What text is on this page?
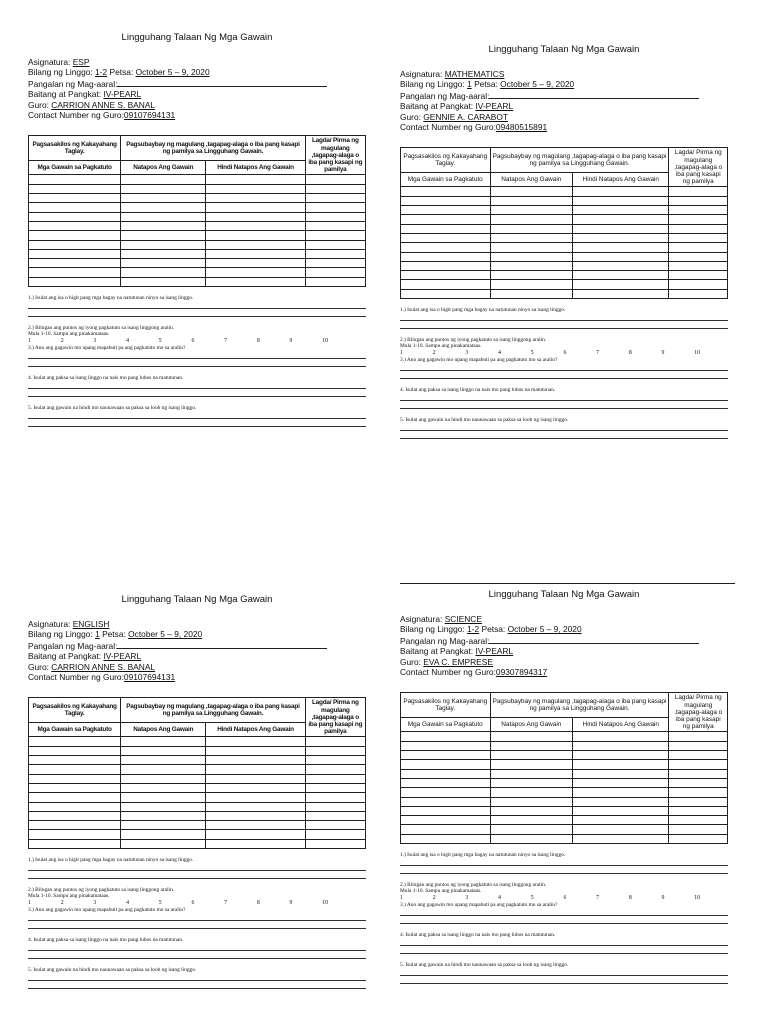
Lingguhang Talaan Ng Mga Gawain
Asignatura: ESP
Bilang ng Linggo: 1-2 Petsa: October 5 – 9, 2020
Pangalan ng Mag-aaral:
Baitang at Pangkat: IV-PEARL
Guro: CARRION ANNE S. BANAL
Contact Number ng Guro:09107694131
Pagsasakilos ng Kakayahang Taglay.	Pagsubaybay ng magulang ,tagapag-alaga o iba pang kasapi ng pamilya sa Lingguhang Gawain.		Lagda/ Pirma ng magulang ,tagapag-alaga o iba pang kasapi ng pamilya
Mga Gawain sa Pagkatuto	Natapos Ang Gawain	Hindi Natapos Ang Gawain	

1.) Isulat ang isa o higit pang mga bagay na natutunan ninyo sa isang linggo.
2.) Bilugan ang puntos ng iyong pagkatuto sa isang linggong aralin.
Mula 1-10. Sampu ang pinakamataas.
1	2	3	4	5	6	7	8	9	10
3.) Ano ang gagawin mo upang mapabuti pa ang pagkatuto mo sa aralin?
4. Isulat ang paksa sa isang linggo na nais mo pang lubos na matutunan.
5. Isulat ang gawain na hindi mo naunawaan sa paksa sa loob ng isang linggo.
Lingguhang Talaan Ng Mga Gawain
Asignatura: MATHEMATICS
Bilang ng Linggo: 1 Petsa: October 5 – 9, 2020
Pangalan ng Mag-aaral:
Baitang at Pangkat: IV-PEARL
Guro: GENNIE A. CARABOT
Contact Number ng Guro:09480515891
Pagsasakilos ng Kakayahang Taglay.	Pagsubaybay ng magulang ,tagapag-alaga o iba pang kasapi ng pamilya sa Lingguhang Gawain.		Lagda/ Pirma ng magulang ,tagapag-alaga o iba pang kasapi ng pamilya
Mga Gawain sa Pagkatuto	Natapos Ang Gawain	Hindi Natapos Ang Gawain	

1.) Isulat ang isa o higit pang mga bagay na natutunan ninyo sa isang linggo.
2.) Bilugan ang puntos ng iyong pagkatuto sa isang linggong aralin.
Mula 1-10. Sampu ang pinakamataas.
1	2	3	4	5	6	7	8	9	10
3.) Ano ang gagawin mo upang mapabuti pa ang pagkatuto mo sa aralin?
4. Isulat ang paksa sa isang linggo na nais mo pang lubos na matutunan.
5. Isulat ang gawain na hindi mo naunawaan sa paksa sa loob ng isang linggo.
Lingguhang Talaan Ng Mga Gawain
Asignatura: ENGLISH
Bilang ng Linggo: 1 Petsa: October 5 – 9, 2020
Pangalan ng Mag-aaral:
Baitang at Pangkat: IV-PEARL
Guro: CARRION ANNE S. BANAL
Contact Number ng Guro:09107694131
Pagsasakilos ng Kakayahang Taglay.	Pagsubaybay ng magulang ,tagapag-alaga o iba pang kasapi ng pamilya sa Lingguhang Gawain.		Lagda/ Pirma ng magulang ,tagapag-alaga o iba pang kasapi ng pamilya
Mga Gawain sa Pagkatuto	Natapos Ang Gawain	Hindi Natapos Ang Gawain	

1.) Isulat ang isa o higit pang mga bagay na natutunan ninyo sa isang linggo.
2.) Bilugan ang puntos ng iyong pagkatuto sa isang linggong aralin.
Mula 1-10. Sampu ang pinakamataas.
1	2	3	4	5	6	7	8	9	10
3.) Ano ang gagawin mo upang mapabuti pa ang pagkatuto mo sa aralin?
4. Isulat ang paksa sa isang linggo na nais mo pang lubos na matutunan.
5. Isulat ang gawain na hindi mo naunawaan sa paksa sa loob ng isang linggo.
Lingguhang Talaan Ng Mga Gawain
Asignatura: SCIENCE
Bilang ng Linggo: 1-2 Petsa: October 5 – 9, 2020
Pangalan ng Mag-aaral:
Baitang at Pangkat: IV-PEARL
Guro: EVA C. EMPRESE
Contact Number ng Guro:09307894317
Pagsasakilos ng Kakayahang Taglay.	Pagsubaybay ng magulang ,tagapag-alaga o iba pang kasapi ng pamilya sa Lingguhang Gawain.		Lagda/ Pirma ng magulang ,tagapag-alaga o iba pang kasapi ng pamilya
Mga Gawain sa Pagkatuto	Natapos Ang Gawain	Hindi Natapos Ang Gawain	

1.) Isulat ang isa o higit pang mga bagay na natutunan ninyo sa isang linggo.
2.) Bilugan ang puntos ng iyong pagkatuto sa isang linggong aralin.
Mula 1-10. Sampu ang pinakamataas.
1	2	3	4	5	6	7	8	9	10
3.) Ano ang gagawin mo upang mapabuti pa ang pagkatuto mo sa aralin?
4. Isulat ang paksa sa isang linggo na nais mo pang lubos na matutunan.
5. Isulat ang gawain na hindi mo naunawaan sa paksa sa loob ng isang linggo.
